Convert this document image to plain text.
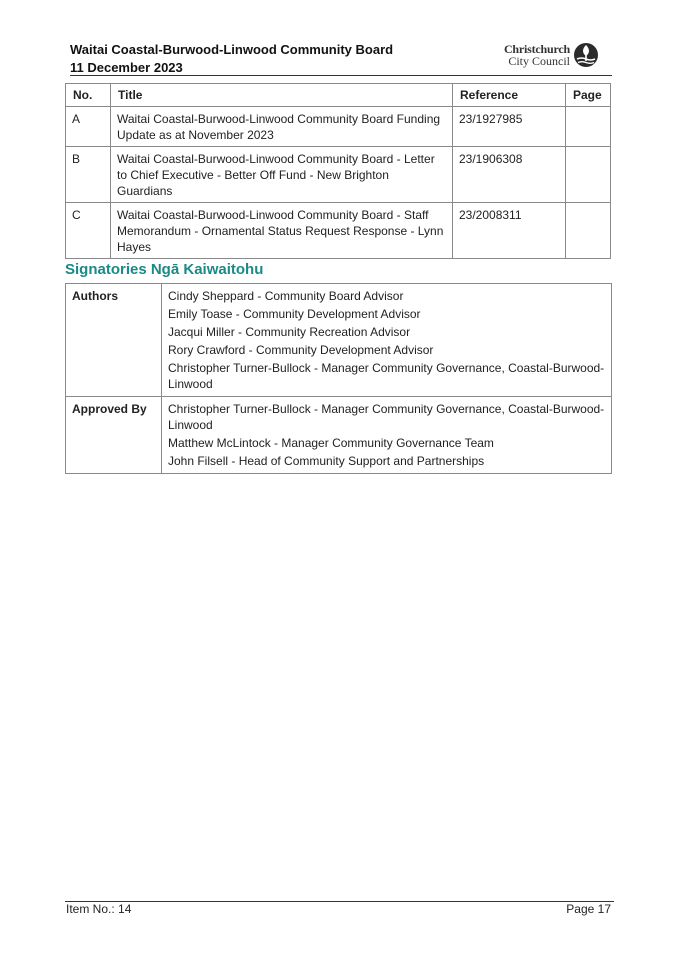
Waitai Coastal-Burwood-Linwood Community Board
11 December 2023
Christchurch
City Council
No.	Title	Reference	Page
A	Waitai Coastal-Burwood-Linwood Community Board Funding Update as at November 2023	23/1927985	
B	Waitai Coastal-Burwood-Linwood Community Board - Letter to Chief Executive - Better Off Fund - New Brighton Guardians	23/1906308	
C	Waitai Coastal-Burwood-Linwood Community Board - Staff Memorandum - Ornamental Status Request Response - Lynn Hayes	23/2008311	
Signatories Ngā Kaiwaitohu
Authors	Cindy Sheppard - Community Board Advisor
Emily Toase - Community Development Advisor
Jacqui Miller - Community Recreation Advisor
Rory Crawford - Community Development Advisor
Christopher Turner-Bullock - Manager Community Governance, Coastal-Burwood-Linwood

Approved By	Christopher Turner-Bullock - Manager Community Governance, Coastal-Burwood-Linwood
Matthew McLintock - Manager Community Governance Team
John Filsell - Head of Community Support and Partnerships
Item No.: 14	Page 17
